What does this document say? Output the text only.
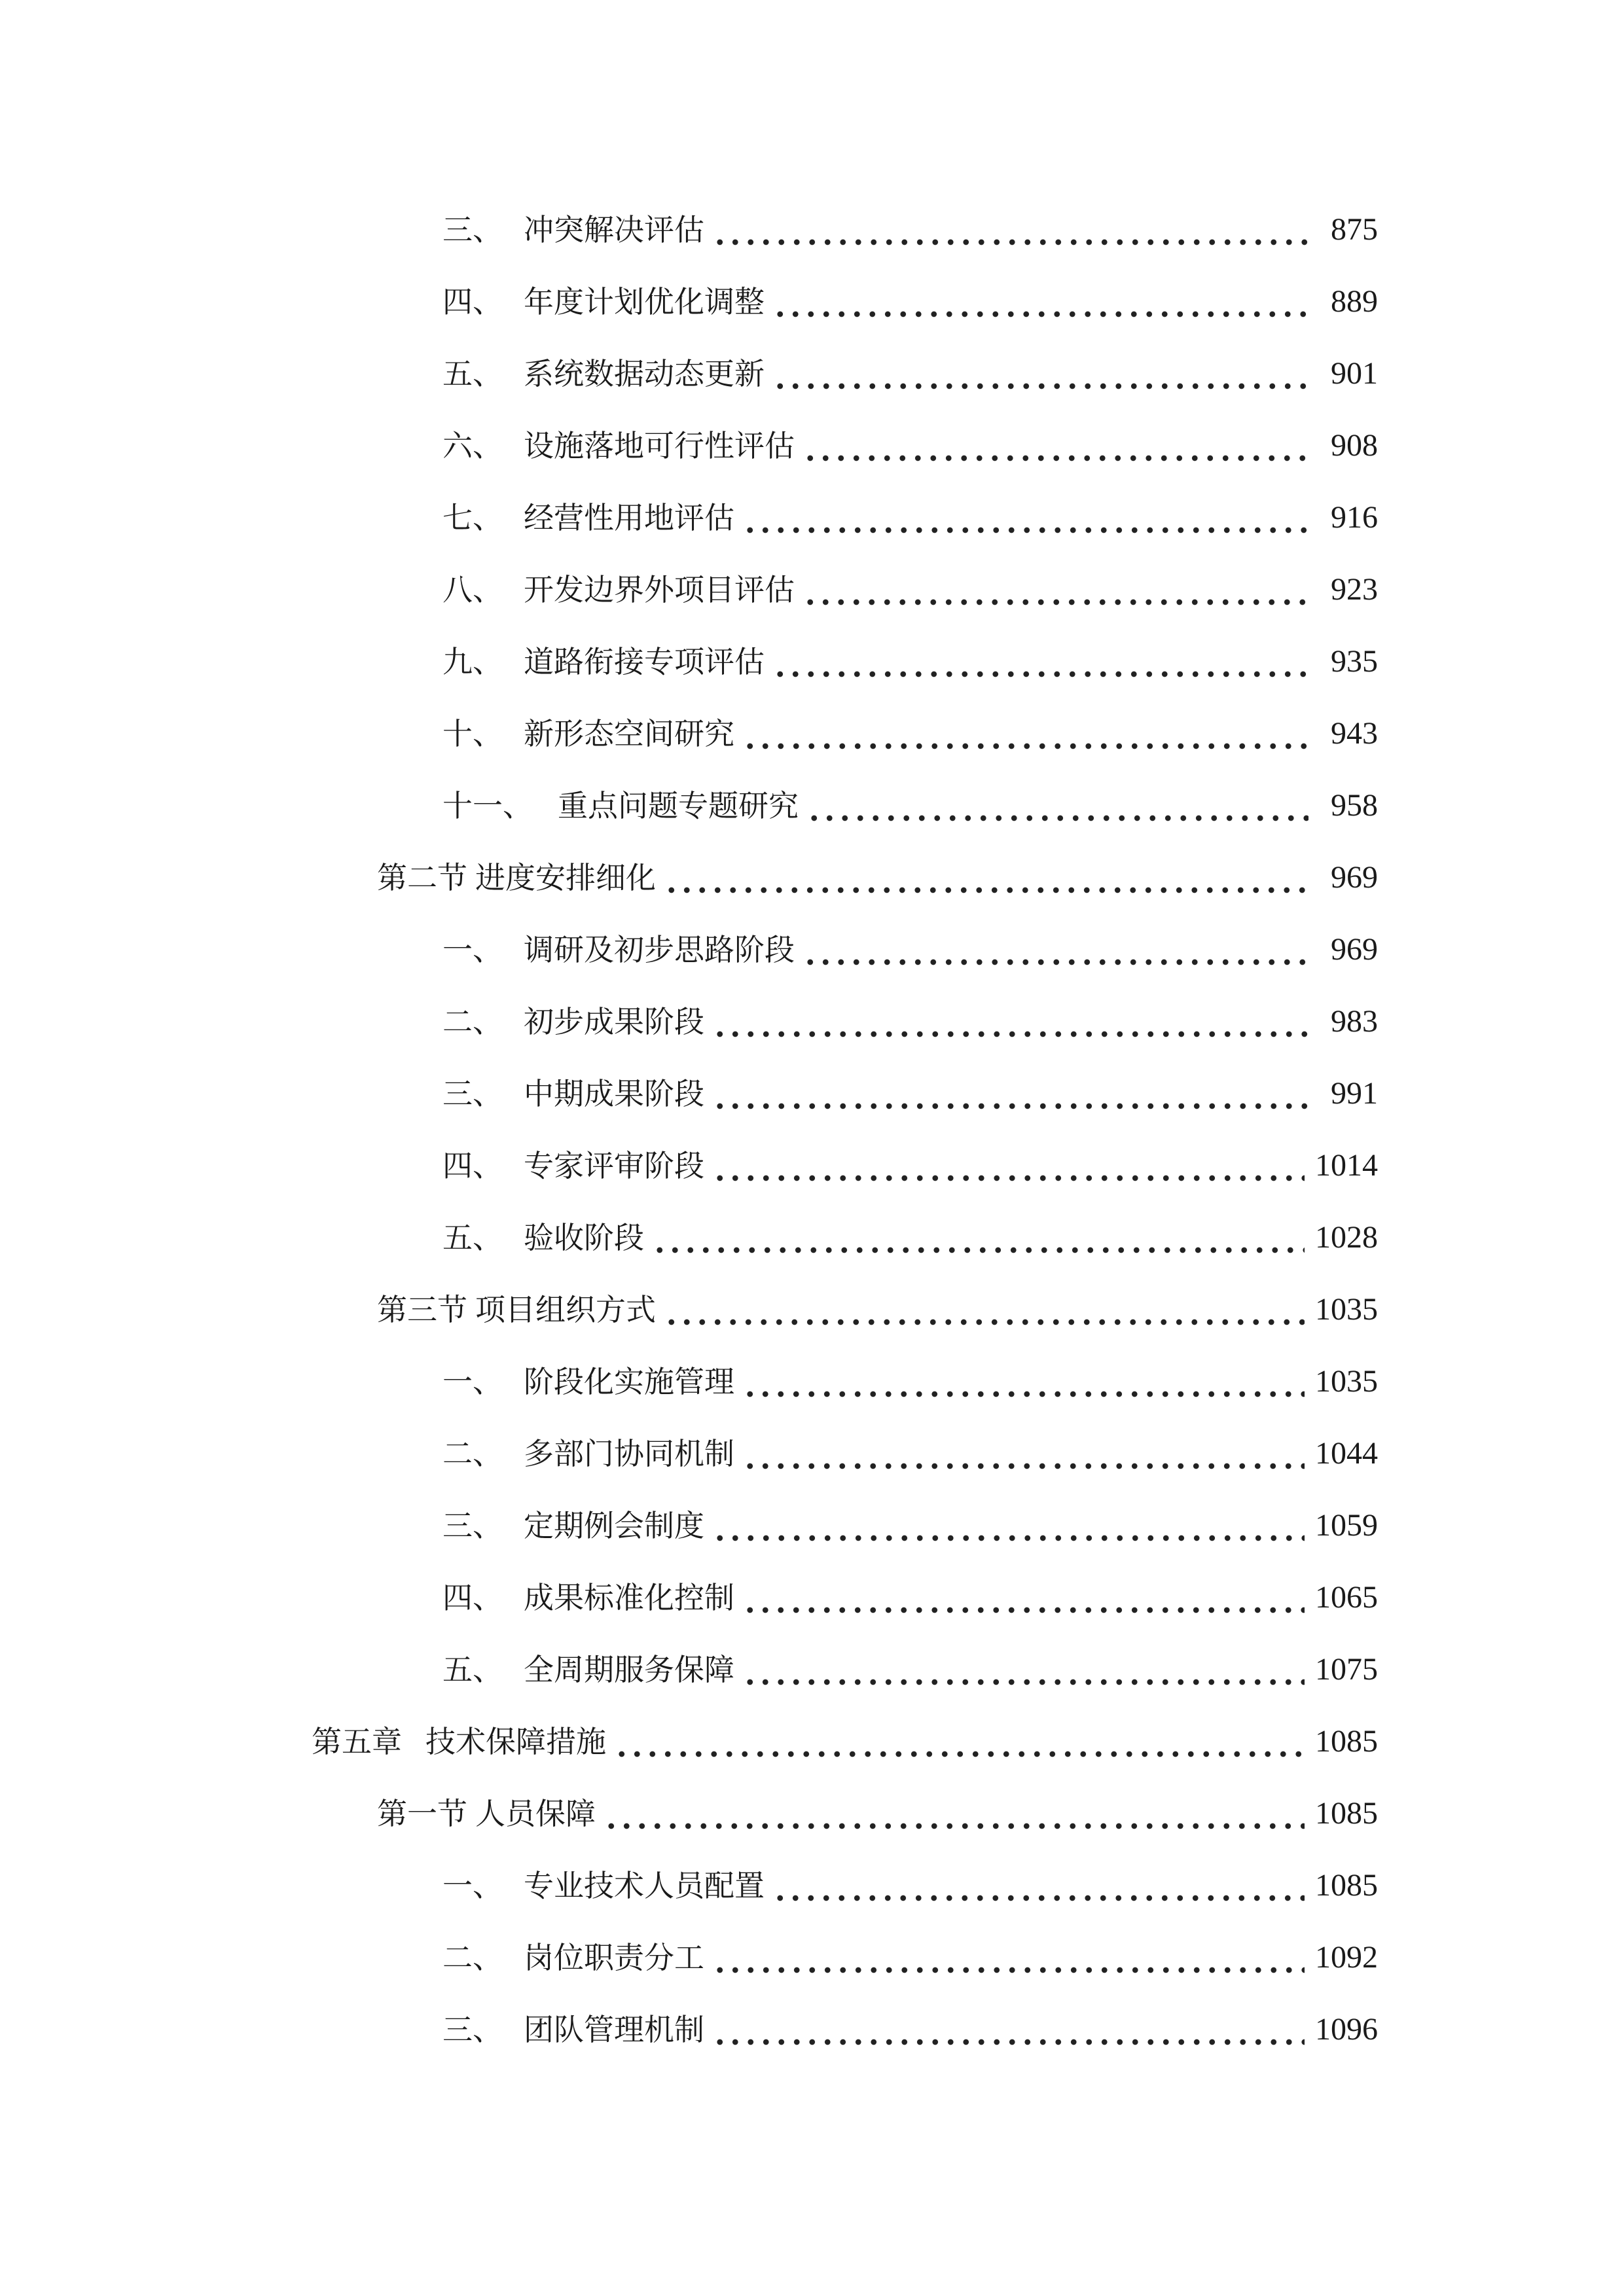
三、 冲突解决评估	875
四、 年度计划优化调整	889
五、 系统数据动态更新	901
六、 设施落地可行性评估	908
七、 经营性用地评估	916
八、 开发边界外项目评估	923
九、 道路衔接专项评估	935
十、 新形态空间研究	943
十一、 重点问题专题研究	958
第二节 进度安排细化	969
一、 调研及初步思路阶段	969
二、 初步成果阶段	983
三、 中期成果阶段	991
四、 专家评审阶段	1014
五、 验收阶段	1028
第三节 项目组织方式	1035
一、 阶段化实施管理	1035
二、 多部门协同机制	1044
三、 定期例会制度	1059
四、 成果标准化控制	1065
五、 全周期服务保障	1075
第五章 技术保障措施	1085
第一节 人员保障	1085
一、 专业技术人员配置	1085
二、 岗位职责分工	1092
三、 团队管理机制	1096
